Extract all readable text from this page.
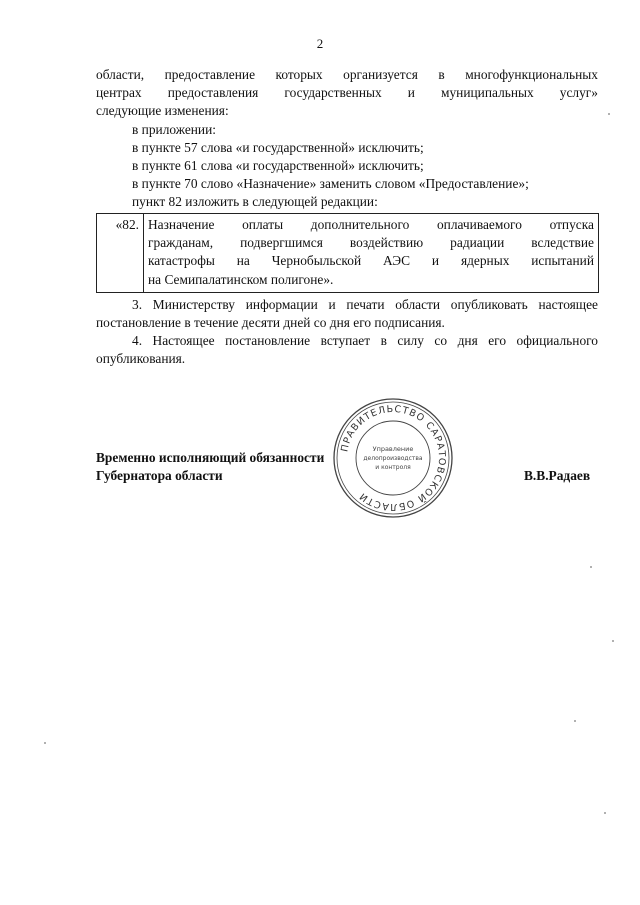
2
области, предоставление которых организуется в многофункциональных
центрах предоставления государственных и муниципальных услуг»
следующие изменения:
в приложении:
в пункте 57 слова «и государственной» исключить;
в пункте 61 слова «и государственной» исключить;
в пункте 70 слово «Назначение» заменить словом «Предоставление»;
пункт 82 изложить в следующей редакции:
«82.	Назначение оплаты дополнительного оплачиваемого отпуска
гражданам, подвергшимся воздействию радиации вследствие
катастрофы на Чернобыльской АЭС и ядерных испытаний
на Семипалатинском полигоне».
3. Министерству информации и печати области опубликовать настоящее
постановление в течение десяти дней со дня его подписания.
4. Настоящее постановление вступает в силу со дня его официального
опубликования.
Временно исполняющий обязанности
Губернатора области	В.В.Радаев
ПРАВИТЕЛЬСТВО САРАТОВСКОЙ ОБЛАСТИ
Управление
делопроизводства
и контроля
